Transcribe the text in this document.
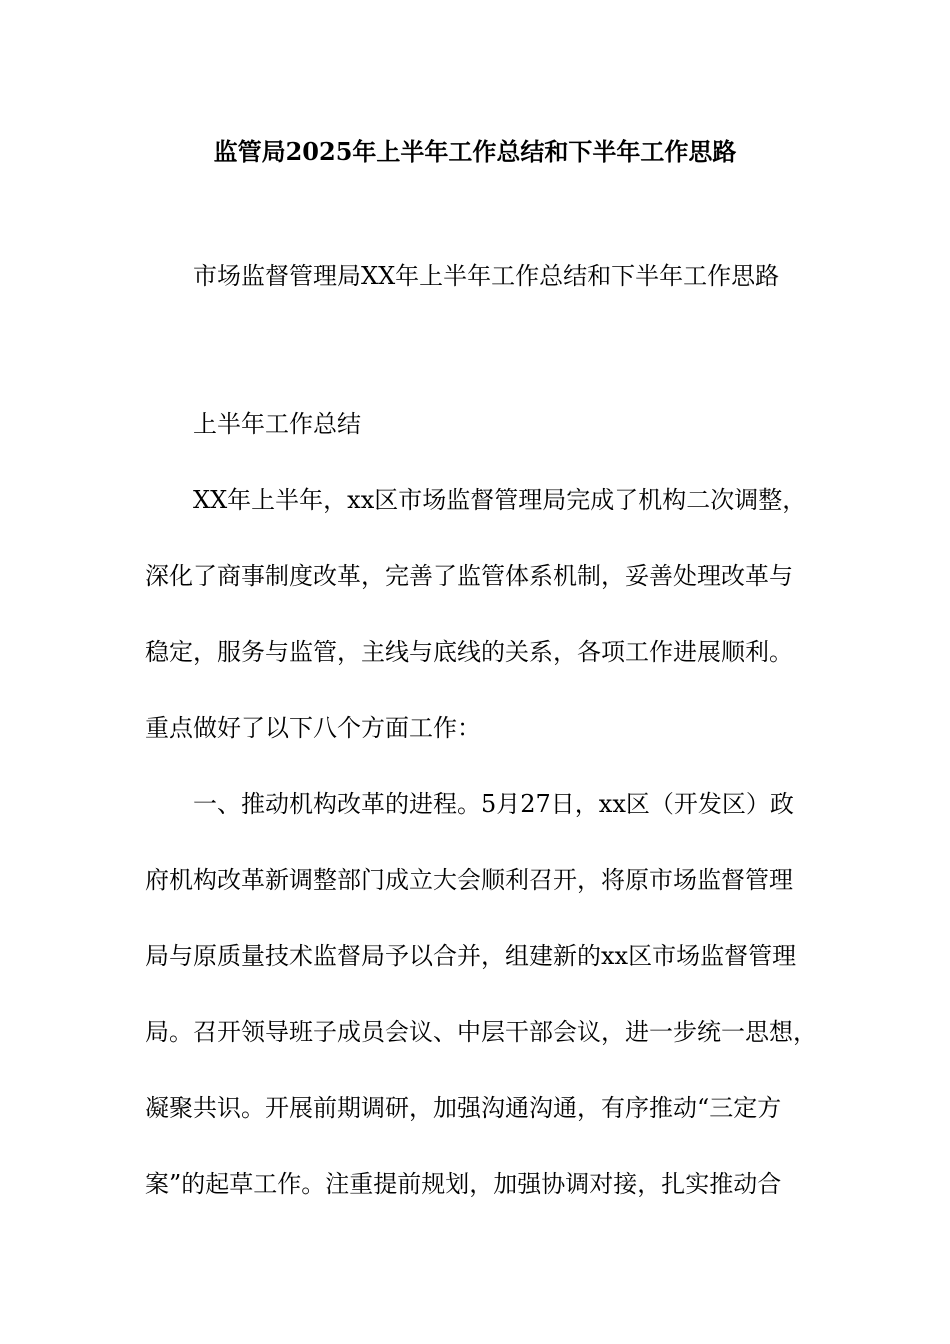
监管局2025年上半年工作总结和下半年工作思路
市场监督管理局XX年上半年工作总结和下半年工作思路
上半年工作总结
XX年上半年，xx区市场监督管理局完成了机构二次调整，
深化了商事制度改革，完善了监管体系机制，妥善处理改革与
稳定，服务与监管，主线与底线的关系，各项工作进展顺利。
重点做好了以下八个方面工作：
一、推动机构改革的进程。5月27日，xx区（开发区）政
府机构改革新调整部门成立大会顺利召开，将原市场监督管理
局与原质量技术监督局予以合并，组建新的xx区市场监督管理
局。召开领导班子成员会议、中层干部会议，进一步统一思想，
凝聚共识。开展前期调研，加强沟通沟通，有序推动“三定方
案”的起草工作。注重提前规划，加强协调对接，扎实推动合
